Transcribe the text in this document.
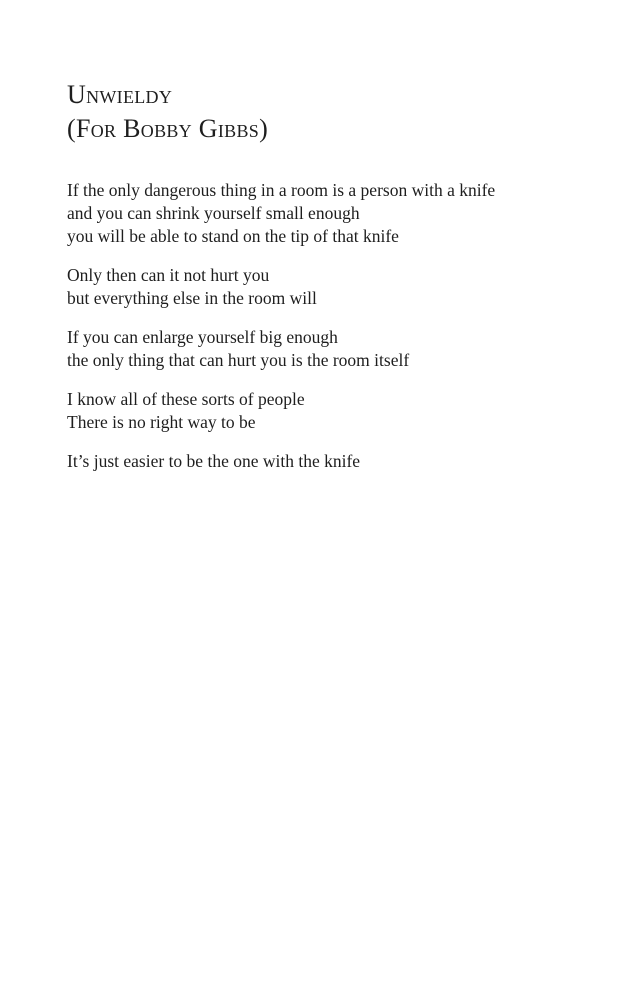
Unwieldy
(For Bobby Gibbs)
If the only dangerous thing in a room is a person with a knife
and you can shrink yourself small enough
you will be able to stand on the tip of that knife
Only then can it not hurt you
but everything else in the room will
If you can enlarge yourself big enough
the only thing that can hurt you is the room itself
I know all of these sorts of people
There is no right way to be
It’s just easier to be the one with the knife
